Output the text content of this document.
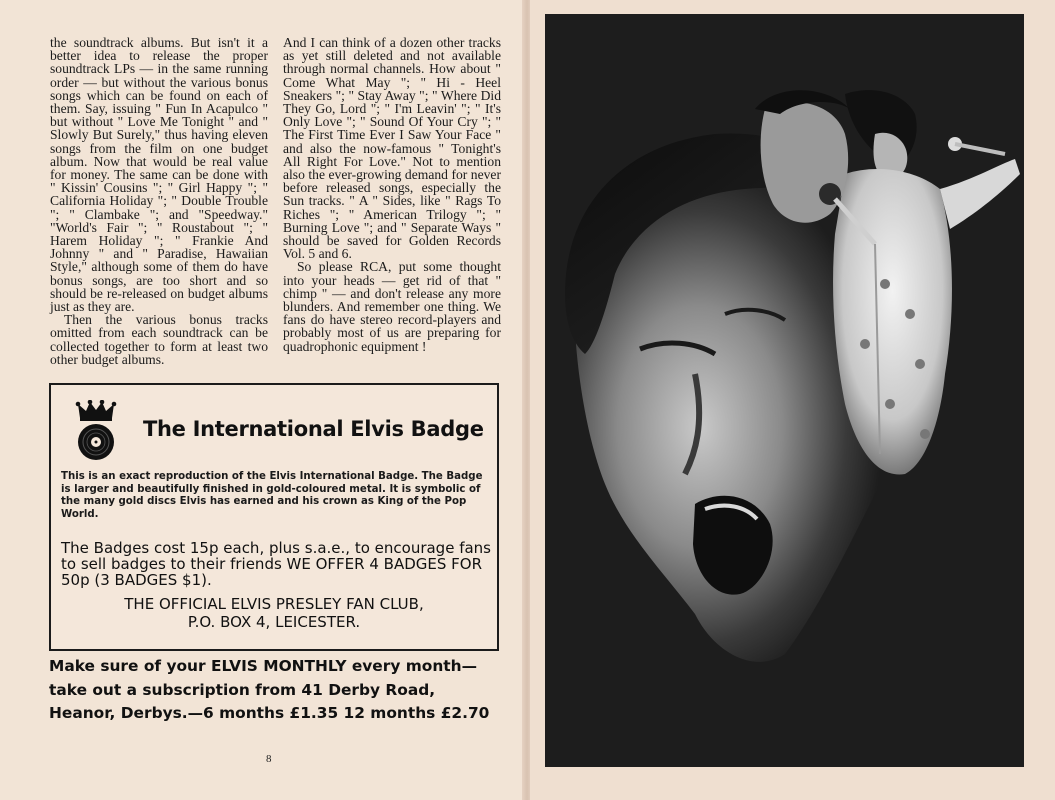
the soundtrack albums. But isn't it a better idea to release the proper soundtrack LPs — in the same running order — but without the various bonus songs which can be found on each of them. Say, issuing " Fun In Acapulco " but without " Love Me Tonight " and " Slowly But Surely," thus having eleven songs from the film on one budget album. Now that would be real value for money. The same can be done with " Kissin' Cousins "; " Girl Happy "; " California Holiday "; " Double Trouble "; " Clambake "; and "Speedway." "World's Fair "; " Roustabout "; " Harem Holiday "; " Frankie And Johnny " and " Paradise, Hawaiian Style," although some of them do have bonus songs, are too short and so should be re-released on budget albums just as they are.

Then the various bonus tracks omitted from each soundtrack can be collected together to form at least two other budget albums.

And I can think of a dozen other tracks as yet still deleted and not available through normal channels. How about " Come What May "; " Hi - Heel Sneakers "; " Stay Away "; " Where Did They Go, Lord "; " I'm Leavin' "; " It's Only Love "; " Sound Of Your Cry "; " The First Time Ever I Saw Your Face " and also the now-famous " Tonight's All Right For Love." Not to mention also the ever-growing demand for never before released songs, especially the Sun tracks. " A " Sides, like " Rags To Riches "; " American Trilogy "; " Burning Love "; and " Separate Ways " should be saved for Golden Records Vol. 5 and 6.

So please RCA, put some thought into your heads — get rid of that " chimp " — and don't release any more blunders. And remember one thing. We fans do have stereo record-players and probably most of us are preparing for quadrophonic equipment !

The International Elvis Badge
This is an exact reproduction of the Elvis International Badge. The Badge is larger and beautifully finished in gold-coloured metal. It is symbolic of the many gold discs Elvis has earned and his crown as King of the Pop World.
The Badges cost 15p each, plus s.a.e., to encourage fans to sell badges to their friends WE OFFER 4 BADGES FOR 50p (3 BADGES $1).
THE OFFICIAL ELVIS PRESLEY FAN CLUB,
P.O. BOX 4, LEICESTER.
Make sure of your ELVIS MONTHLY every month—take out a subscription from 41 Derby Road, Heanor, Derbys.—6 months £1.35 12 months £2.70
8
